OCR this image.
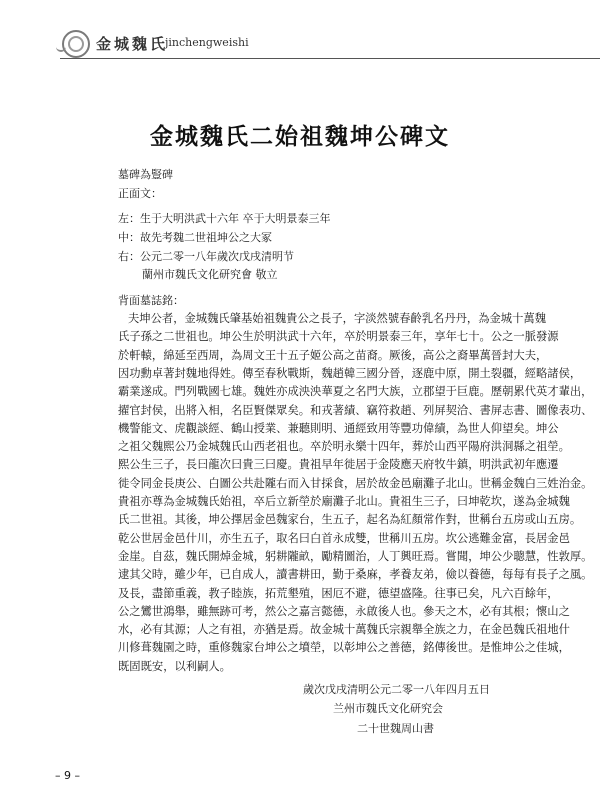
金城魏氏
jinchengweishi
金城魏氏二始祖魏坤公碑文
墓碑為豎碑
正面文：
左：生于大明洪武十六年 卒于大明景泰三年
中：故先考魏二世祖坤公之大冢
右：公元二零一八年歲次戊戌清明节
蘭州市魏氏文化研究會 敬立
背面墓誌銘：
夫坤公者，金城魏氏肇基始祖魏貴公之長子，字淡然號春齡乳名丹丹，為金城十萬魏
氏子孫之二世祖也。坤公生於明洪武十六年，卒於明景泰三年，享年七十。公之一脈發源
於軒轅，綿延至西周，為周文王十五子姬公高之苗裔。厥後，高公之裔畢萬晉封大夫，
因功勳卓著封魏地得姓。傳至春秋戰斯，魏趙韓三國分晉，逐鹿中原，開土裂疆，經略諸侯，
霸業遂成。門列戰國七雄。魏姓亦成泱泱華夏之名門大族，立郡望于巨鹿。歷朝累代英才輩出，
擢官封侯，出將入相，名臣賢傑眾矣。和戎著績、竊符救趙、列屏契洽、書屏志書、圖像表功、
機警能文、虎觀談經、鶴山授業、兼聽則明、通經致用等豐功偉績，為世人仰望矣。坤公
之祖父魏熙公乃金城魏氏山西老祖也。卒於明永樂十四年，葬於山西平陽府洪洞縣之祖塋。
熙公生三子，長曰龍次曰貴三曰慶。貴祖早年徙居于金陵應天府牧牛鎮，明洪武初年應遷
徙令同金長庚公、白圖公共赴隴右而入甘採食，居於故金邑廟灘子北山。世稱金魏白三姓治金。
貴祖亦尊為金城魏氏始祖，卒后立新塋於廟灘子北山。貴祖生三子，曰坤乾坎，遂為金城魏
氏二世祖。其後，坤公擇居金邑魏家台，生五子，起名為紅顏常作對，世稱台五房或山五房。
乾公世居金邑什川，亦生五子，取名曰白首永成雙，世稱川五房。坎公逃難金富，長居金邑
金崖。自茲，魏氏開焯金城，躬耕隴畝，勵精圖治，人丁興旺焉。嘗聞，坤公少聰慧，性敦厚。
逮其父時，雖少年，已自成人，讀書耕田，勤于桑麻，孝養友弟，儉以養德，每每有長子之風。
及長，盡節重義，教子睦族，拓荒墾殖，困厄不避，德望盛隆。往事已矣，凡六百餘年，
公之鸞世鴻舉，雖無跡可考，然公之嘉言懿德，永啟後人也。參天之木，必有其根；懷山之
水，必有其源；人之有祖，亦猶是焉。故金城十萬魏氏宗親舉全族之力，在金邑魏氏祖地什
川修葺魏園之時，重修魏家台坤公之墳塋，以彰坤公之善德，銘傳後世。是惟坤公之佳城，
既固既安，以利嗣人。
歲次戊戌清明公元二零一八年四月五日
兰州市魏氏文化研究会
二十世魏周山書
– 9 –
